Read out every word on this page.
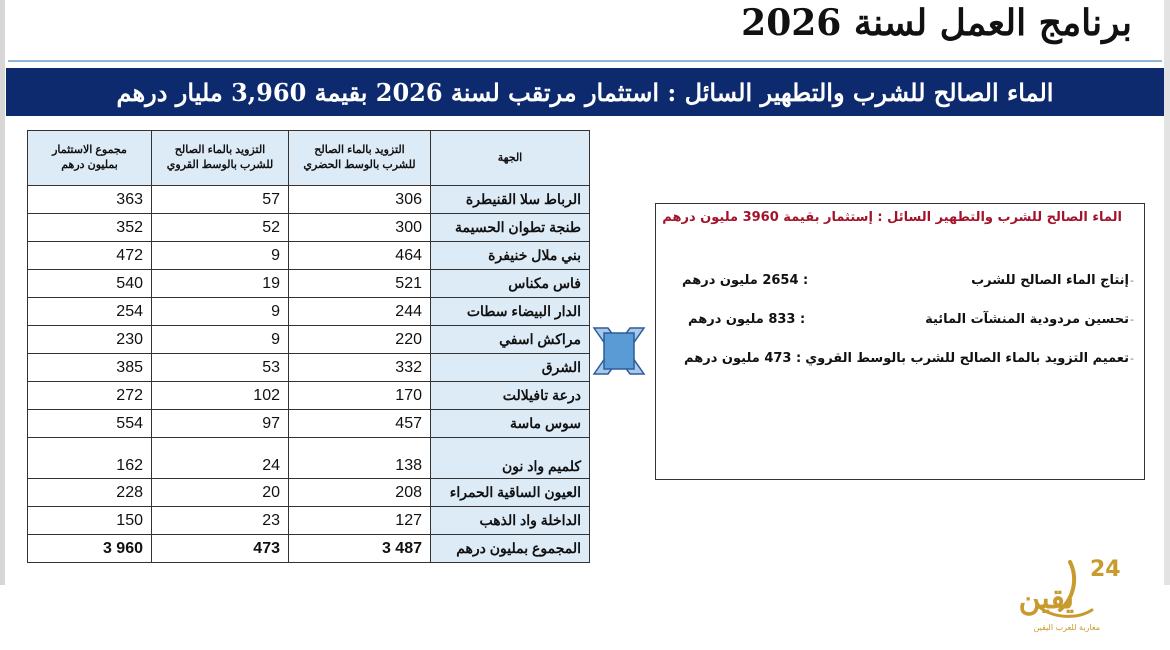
برنامج العمل لسنة 2026
الماء الصالح للشرب والتطهير السائل : استثمار مرتقب لسنة 2026 بقيمة 3,960 مليار درهم
مجموع الاستثمار بمليون درهم	التزويد بالماء الصالح للشرب بالوسط القروي	التزويد بالماء الصالح للشرب بالوسط الحضري	الجهة
363	57	306	الرباط سلا القنيطرة
352	52	300	طنجة تطوان الحسيمة
472	9	464	بني ملال خنيفرة
540	19	521	فاس مكناس
254	9	244	الدار البيضاء سطات
230	9	220	مراكش اسفي
385	53	332	الشرق
272	102	170	درعة تافيلالت
554	97	457	سوس ماسة
162	24	138	كلميم واد نون
228	20	208	العيون الساقية الحمراء
150	23	127	الداخلة واد الذهب
3 960	473	3 487	المجموع بمليون درهم
الماء الصالح للشرب والتطهير السائل : إستثمار بقيمة 3960 مليون درهم
-
إنتاج الماء الصالح للشرب
: 2654 مليون درهم
-
تحسين مردودية المنشآت المائية
: 833 مليون درهم
-
تعميم التزويد بالماء الصالح للشرب بالوسط القروي
: 473 مليون درهم
24
يقين
مغاربة للعرب اليقين
